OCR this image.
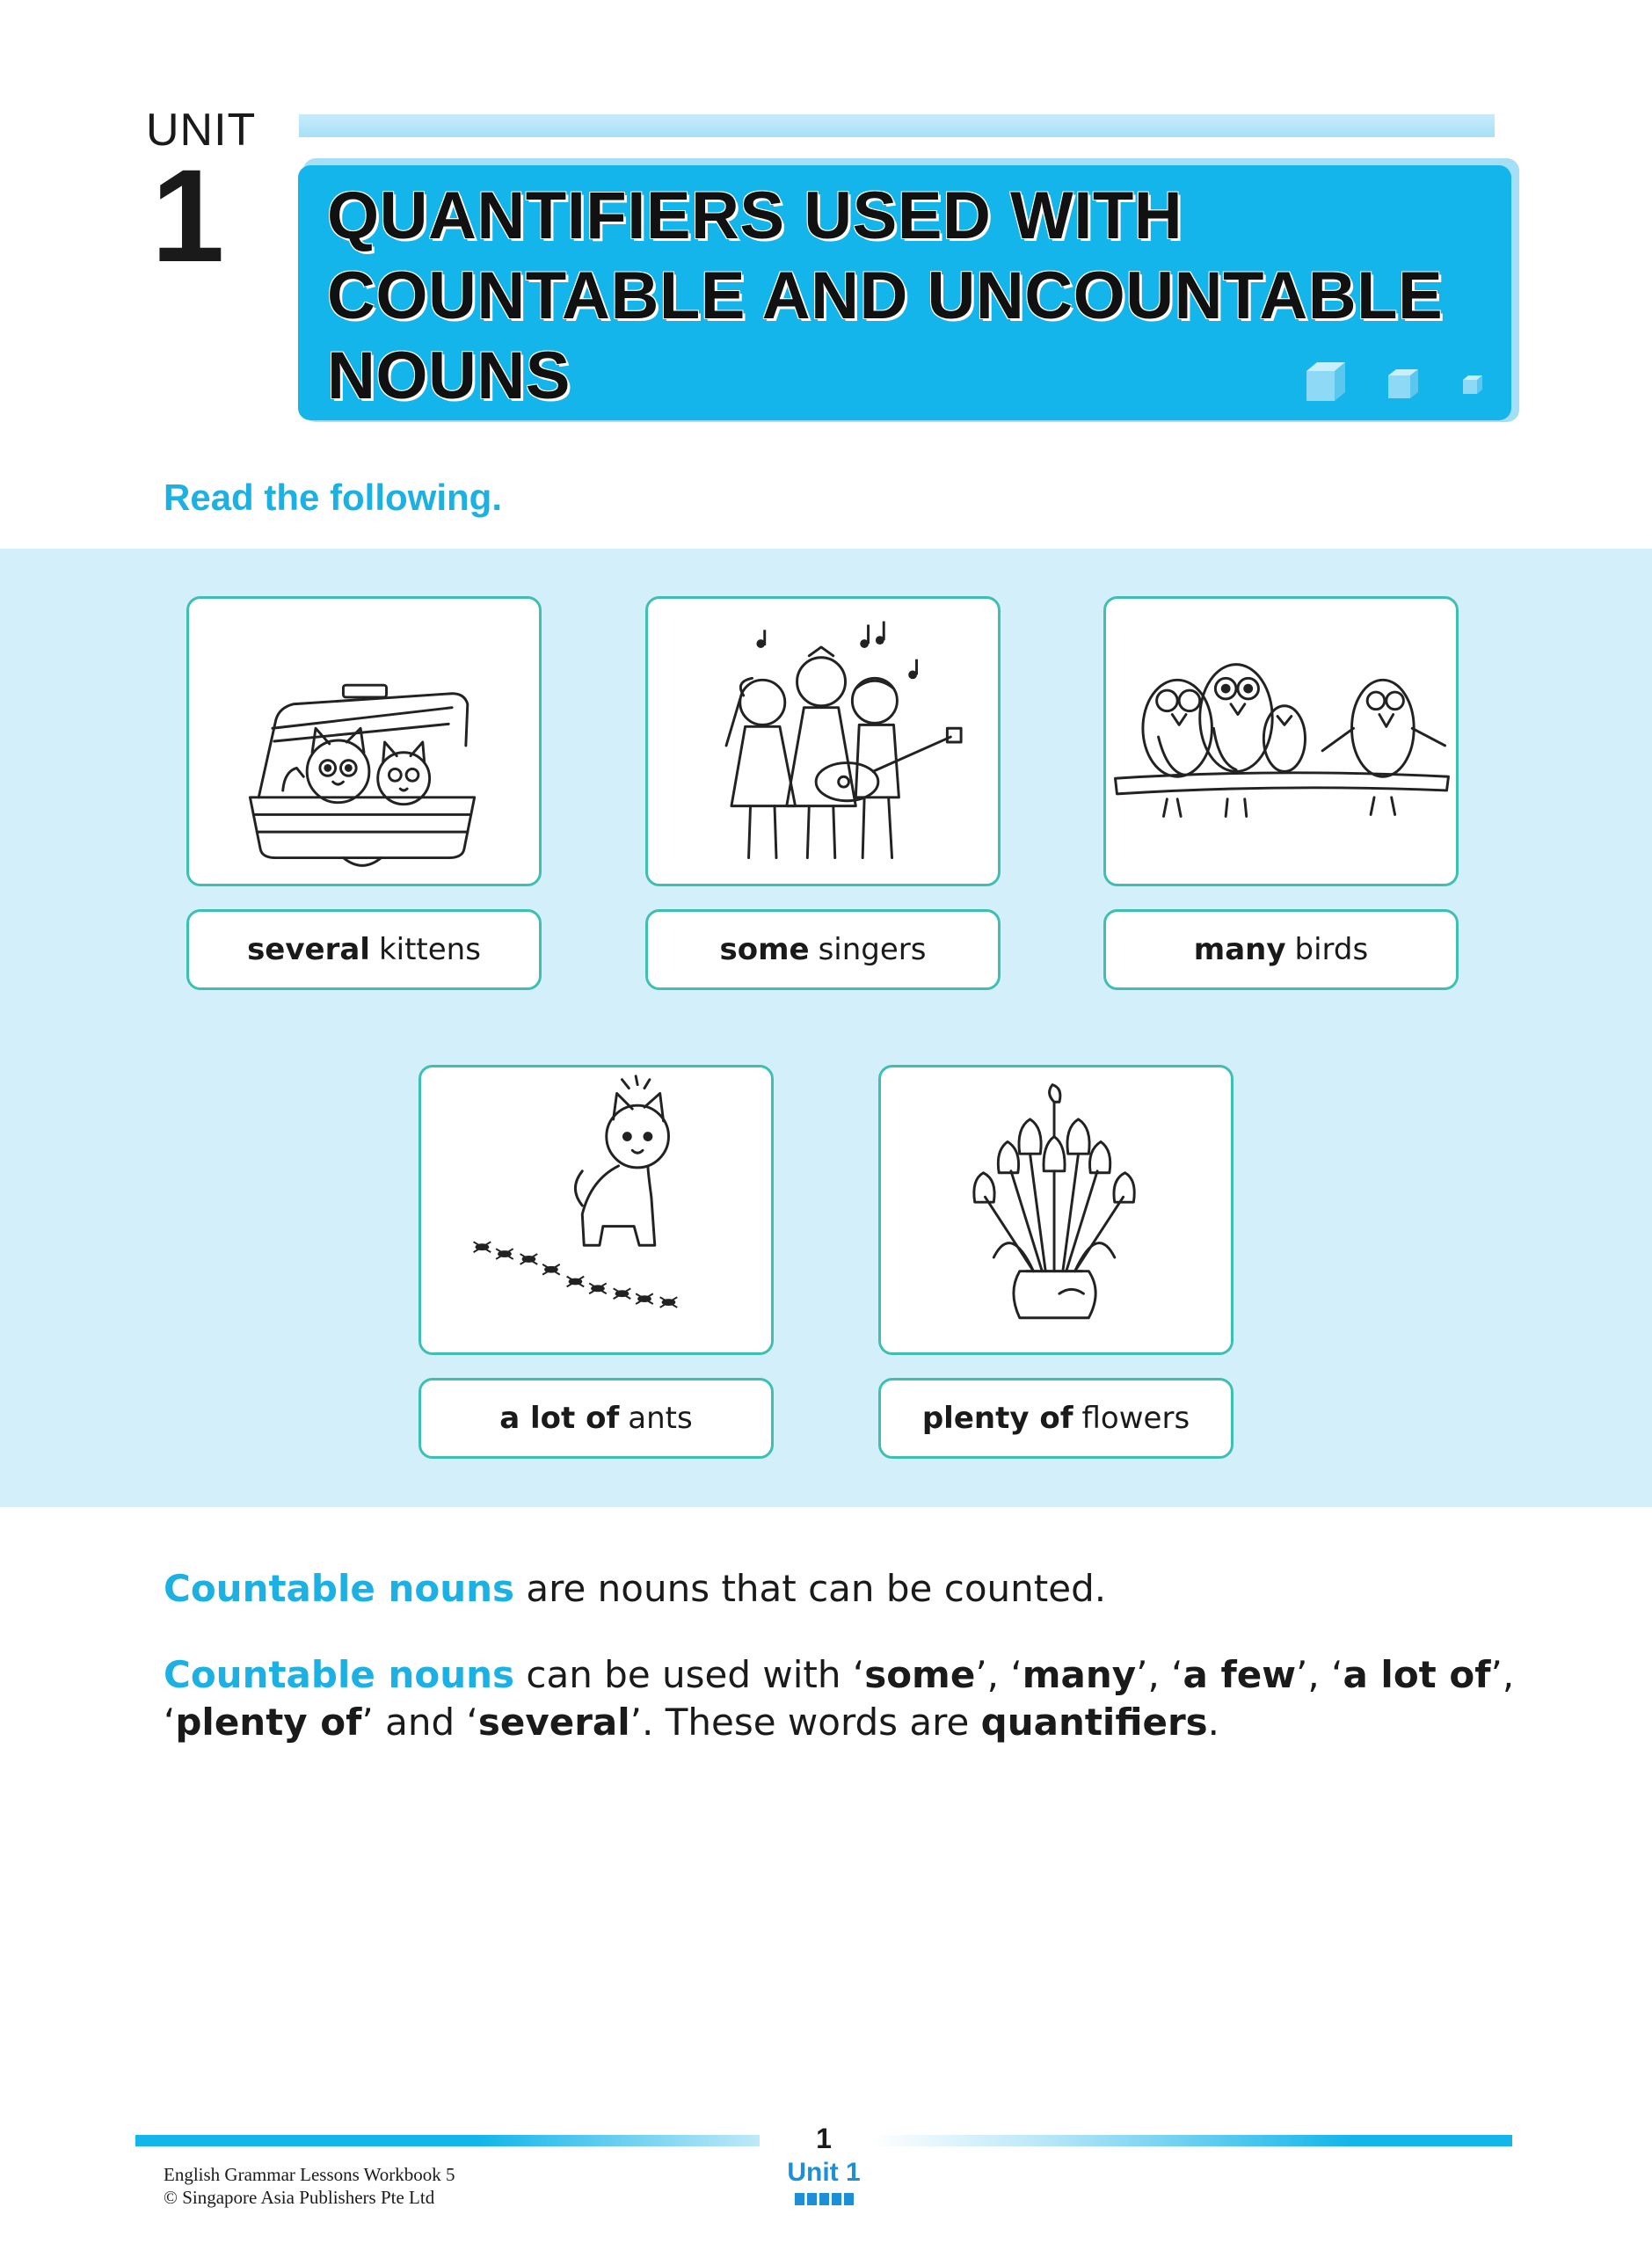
UNIT
1 QUANTIFIERS USED WITH
COUNTABLE AND UNCOUNTABLE
NOUNS
Read the following.
several kittens	some singers	many birds
a lot of ants	plenty of flowers
Countable nouns are nouns that can be counted.
Countable nouns can be used with ‘some’, ‘many’, ‘a few’, ‘a lot of’, ‘plenty of’ and ‘several’. These words are quantifiers.
1
Unit 1
English Grammar Lessons Workbook 5
© Singapore Asia Publishers Pte Ltd
